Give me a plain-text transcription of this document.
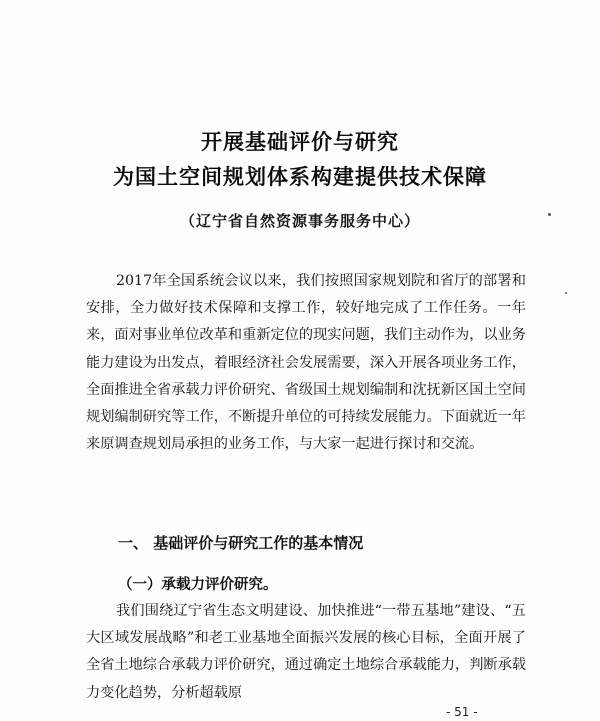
开展基础评价与研究
为国土空间规划体系构建提供技术保障
（辽宁省自然资源事务服务中心）
2017年全国系统会议以来，我们按照国家规划院和省厅的部署和安排，全力做好技术保障和支撑工作，较好地完成了工作任务。一年来，面对事业单位改革和重新定位的现实问题，我们主动作为，以业务能力建设为出发点，着眼经济社会发展需要，深入开展各项业务工作，全面推进全省承载力评价研究、省级国土规划编制和沈抚新区国土空间规划编制研究等工作，不断提升单位的可持续发展能力。下面就近一年来原调查规划局承担的业务工作，与大家一起进行探讨和交流。
一、 基础评价与研究工作的基本情况
（一）承载力评价研究。
我们围绕辽宁省生态文明建设、加快推进“一带五基地”建设、“五大区域发展战略”和老工业基地全面振兴发展的核心目标，全面开展了全省土地综合承载力评价研究，通过确定土地综合承载能力，判断承载力变化趋势，分析超载原
- 51 -
